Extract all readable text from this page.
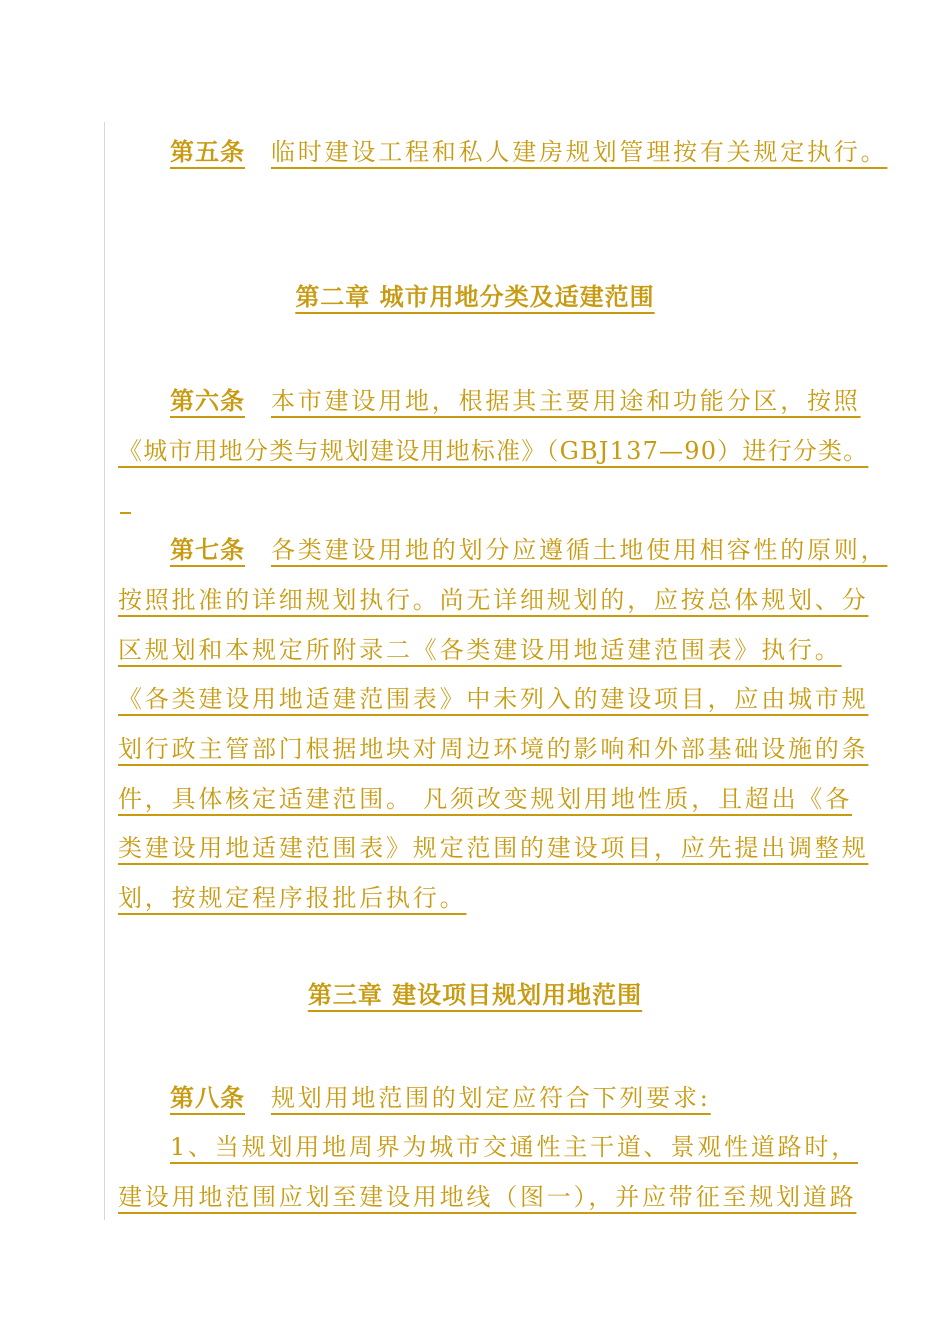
第五条 临时建设工程和私人建房规划管理按有关规定执行。
第二章 城市用地分类及适建范围
第六条 本市建设用地，根据其主要用途和功能分区，按照
《城市用地分类与规划建设用地标准》（GBJ137—90）进行分类。
第七条 各类建设用地的划分应遵循土地使用相容性的原则，
按照批准的详细规划执行。尚无详细规划的，应按总体规划、分
区规划和本规定所附录二《各类建设用地适建范围表》执行。
《各类建设用地适建范围表》中未列入的建设项目，应由城市规
划行政主管部门根据地块对周边环境的影响和外部基础设施的条
件，具体核定适建范围。 凡须改变规划用地性质，且超出《各
类建设用地适建范围表》规定范围的建设项目，应先提出调整规
划，按规定程序报批后执行。
第三章 建设项目规划用地范围
第八条 规划用地范围的划定应符合下列要求:
1、当规划用地周界为城市交通性主干道、景观性道路时，
建设用地范围应划至建设用地线（图一），并应带征至规划道路
